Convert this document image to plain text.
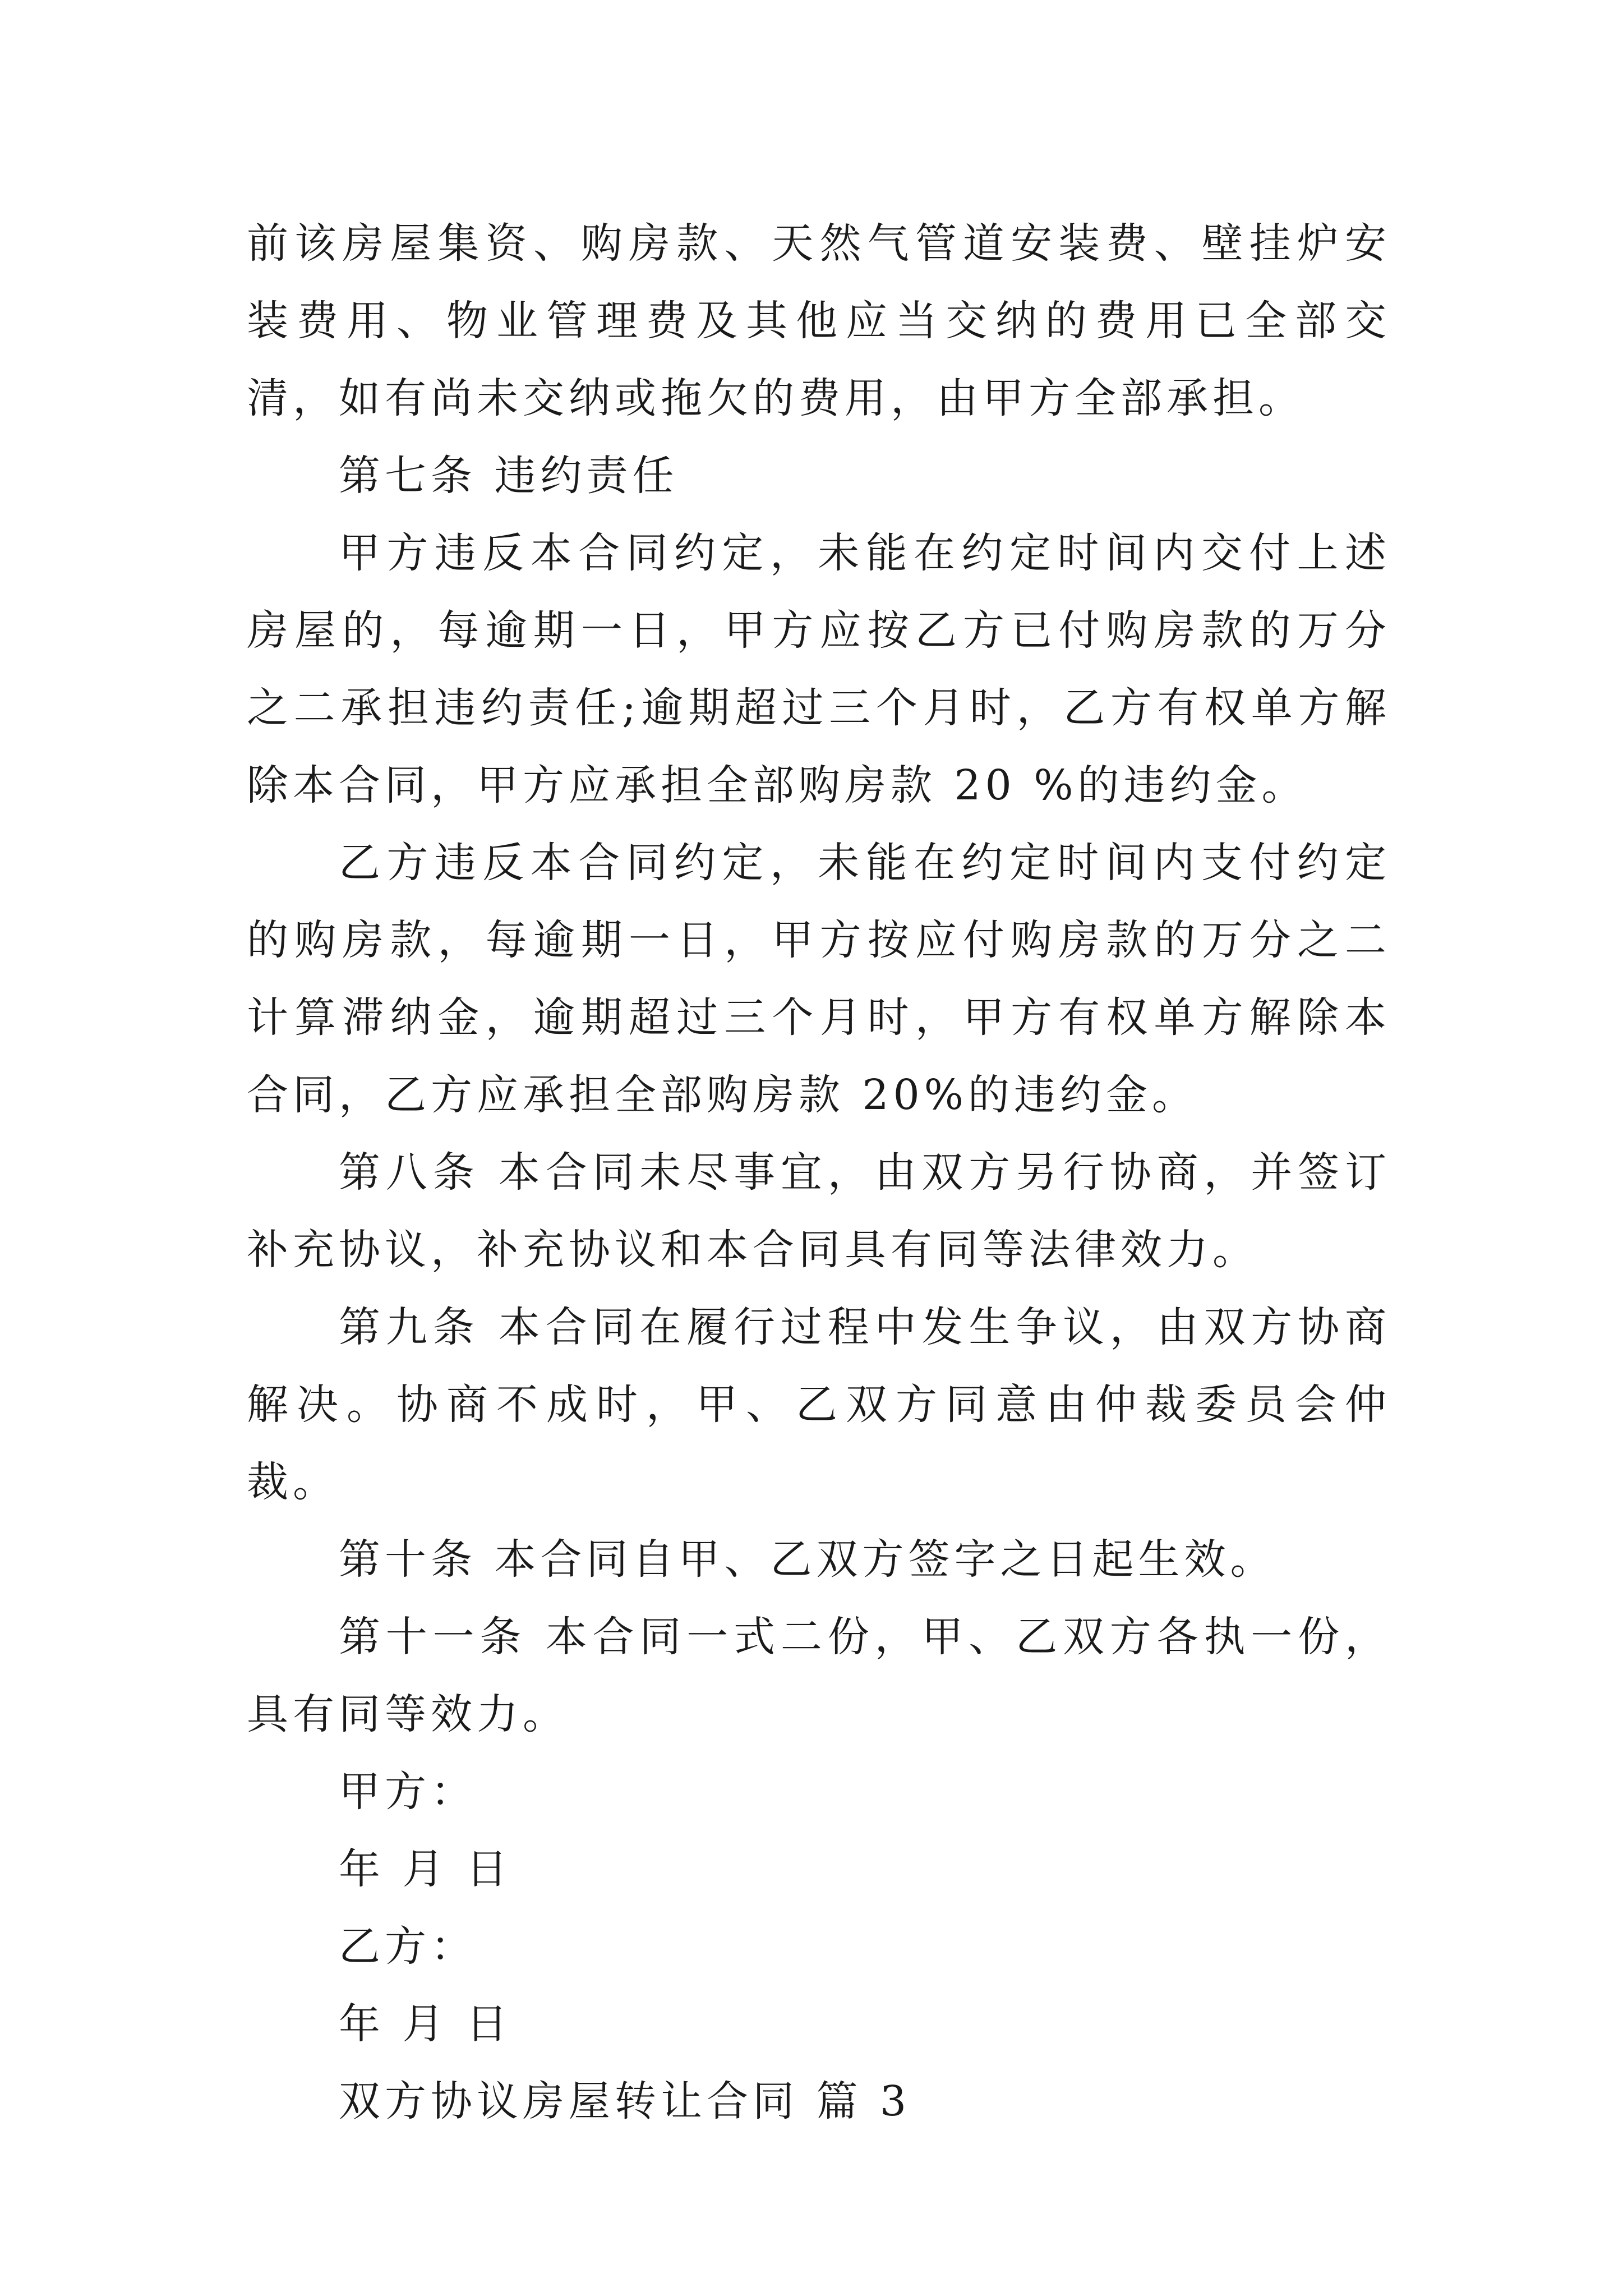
前该房屋集资、购房款、天然气管道安装费、壁挂炉安装费用、物业管理费及其他应当交纳的费用已全部交清，如有尚未交纳或拖欠的费用，由甲方全部承担。

第七条 违约责任

甲方违反本合同约定，未能在约定时间内交付上述房屋的，每逾期一日，甲方应按乙方已付购房款的万分之二承担违约责任;逾期超过三个月时，乙方有权单方解除本合同，甲方应承担全部购房款 20 %的违约金。

乙方违反本合同约定，未能在约定时间内支付约定的购房款，每逾期一日，甲方按应付购房款的万分之二计算滞纳金，逾期超过三个月时，甲方有权单方解除本合同，乙方应承担全部购房款 20%的违约金。

第八条 本合同未尽事宜，由双方另行协商，并签订补充协议，补充协议和本合同具有同等法律效力。

第九条 本合同在履行过程中发生争议，由双方协商解决。协商不成时，甲、乙双方同意由仲裁委员会仲裁。

第十条 本合同自甲、乙双方签字之日起生效。

第十一条 本合同一式二份，甲、乙双方各执一份，具有同等效力。

甲方：

年 月 日

乙方：

年 月 日

双方协议房屋转让合同 篇 3
